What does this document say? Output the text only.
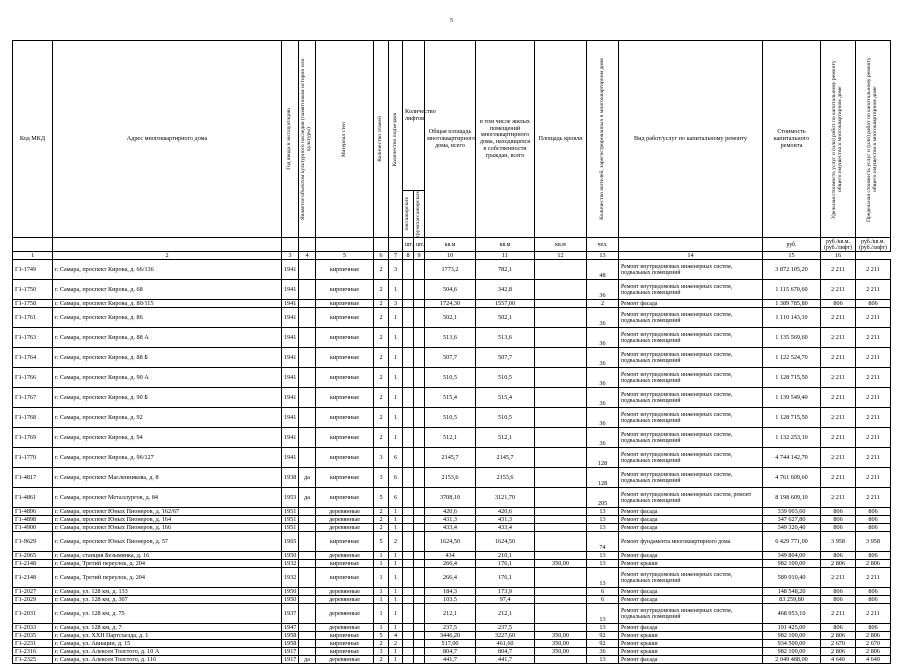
5
Код МКД	Адрес многоквартирного дома	Год ввода в эксплуатацию	Является объектом культурного наследия (памятником истории или культуры)	Материал стен	Количество этажей	Количество подъездов	Количество лифтов		Общая площадь многоквартирного дома, всего	в том числе жилых помещений многоквартирного дома, находящихся в собственности граждан, всего	Площадь кровли	Количество жителей, зарегистрированных в многоквартирном доме	Вид работ/услуг по капитальному ремонту	Стоимость капитального ремонта	Удельная стоимость услуг и (или) работ по капитальному ремонту общего имущества в многоквартирном доме	Предельная стоимость услуг и (или) работ по капитальному ремонту общего имущества в многоквартирном доме

							пассажирских	грузопассажирских								

							шт.	шт.	кв.м	кв.м	кв.м	чел.		руб.	руб./кв.м. (руб./лифт)	руб./кв.м. (руб./лифт)
1	2	3	4	5	6	7	8	9	10	11	12	13	14	15	16	
Г1-1749	г. Самара, проспект Кирова, д. 66/136	1941		кирпичные	2	3			1773,2	782,1		48	Ремонт внутридомовых инженерных систем, подвальных помещений	3 872 105,20	2 211	2 211
Г1-1750	г. Самара, проспект Кирова, д. 68	1941		кирпичные	2	1			504,6	342,8		36	Ремонт внутридомовых инженерных систем, подвальных помещений	1 115 670,60	2 211	2 211
Г1-1758	г. Самара, проспект Кирова, д. 80/115	1941		кирпичные	2	3			1724,30	1557,00		2	Ремонт фасада	1 389 785,80	806	806
Г1-1761	г. Самара, проспект Кирова, д. 86	1941		кирпичные	2	1			502,1	502,1		36	Ремонт внутридомовых инженерных систем, подвальных помещений	1 110 143,10	2 211	2 211
Г1-1763	г. Самара, проспект Кирова, д. 88 А	1941		кирпичные	2	1			513,6	513,6		36	Ремонт внутридомовых инженерных систем, подвальных помещений	1 135 569,60	2 211	2 211
Г1-1764	г. Самара, проспект Кирова, д. 88 Б	1941		кирпичные	2	1			507,7	507,7		36	Ремонт внутридомовых инженерных систем, подвальных помещений	1 122 524,70	2 211	2 211
Г1-1766	г. Самара, проспект Кирова, д. 90 А	1941		кирпичные	2	1			510,5	510,5		36	Ремонт внутридомовых инженерных систем, подвальных помещений	1 128 715,50	2 211	2 211
Г1-1767	г. Самара, проспект Кирова, д. 90 Б	1941		кирпичные	2	1			515,4	515,4		36	Ремонт внутридомовых инженерных систем, подвальных помещений	1 139 549,40	2 211	2 211
Г1-1768	г. Самара, проспект Кирова, д. 92	1941		кирпичные	2	1			510,5	510,5		36	Ремонт внутридомовых инженерных систем, подвальных помещений	1 128 715,50	2 211	2 211
Г1-1769	г. Самара, проспект Кирова, д. 94	1941		кирпичные	2	1			512,1	512,1		36	Ремонт внутридомовых инженерных систем, подвальных помещений	1 132 253,10	2 211	2 211
Г1-1770	г. Самара, проспект Кирова, д. 96/127	1941		кирпичные	3	6			2145,7	2145,7		128	Ремонт внутридомовых инженерных систем, подвальных помещений	4 744 142,70	2 211	2 211
Г1-4817	г. Самара, проспект Масленникова, д. 8	1938	да	кирпичные	3	6			2153,6	2153,6		128	Ремонт внутридомовых инженерных систем, подвальных помещений	4 761 609,60	2 211	2 211
Г1-4861	г. Самара, проспект Металлургов, д. 84	1953	да	кирпичные	5	6			3708,10	3121,70		205	Ремонт внутридомовых инженерных систем, ремонт подвальных помещений	8 198 609,10	2 211	2 211
Г1-4896	г. Самара, проспект Юных Пионеров, д. 162/67	1951		деревянные	2	1			420,6	420,6		13	Ремонт фасада	339 003,60	806	806
Г1-4898	г. Самара, проспект Юных Пионеров, д. 164	1951		деревянные	2	1			431,3	431,3		13	Ремонт фасада	347 627,80	806	806
Г1-4900	г. Самара, проспект Юных Пионеров, д. 166	1951		деревянные	2	1			433,4	433,4		13	Ремонт фасада	349 320,40	806	806
Г1-9629	г. Самара, проспект Юных Пионеров, д. 57	1965		кирпичные	5	2			1624,50	1624,50		74	Ремонт фундамента многоквартирного дома	6 429 771,00	3 958	3 958
Г1-2065	г. Самара, станция Безымянка, д. 16	1950		деревянные	1	1			434	210,1		13	Ремонт фасада	349 804,00	806	806
Г1-2148	г. Самара, Третий переулок, д. 204	1932		кирпичные	1	1			266,4	176,1	350,00	13	Ремонт крыши	982 100,00	2 806	2 806
Г1-2148	г. Самара, Третий переулок, д. 204	1932		кирпичные	1	1			266,4	176,1		13	Ремонт внутридомовых инженерных систем, подвальных помещений	589 010,40	2 211	2 211
Г1-2027	г. Самара, ул. 128 км, д. 133	1950		деревянные	1	1			184,3	173,9		6	Ремонт фасада	148 548,20	806	806
Г1-2029	г. Самара, ул. 128 км, д. 307	1950		деревянные	1	1			103,5	97,4		6	Ремонт фасада	83 259,80	806	806
Г1-2031	г. Самара, ул. 128 км, д. 75	1937		деревянные	1	1			212,1	212,1		13	Ремонт внутридомовых инженерных систем, подвальных помещений	468 953,10	2 211	2 211
Г1-2033	г. Самара, ул. 128 км, д. 7	1947		деревянные	1	1			237,5	237,5		13	Ремонт фасада	191 425,00	806	806
Г1-2035	г. Самара, ул. XXII Партсъезда, д. 1	1958		кирпичные	5	4			3446,20	3227,60	350,00	92	Ремонт крыши	982 100,00	2 806	2 806
Г1-2231	г. Самара, ул. Авиации, д. 15	1958		кирпичные	2	2			517,00	461,60	350,00	92	Ремонт крыши	934 500,00	2 670	2 670
Г1-2316	г. Самара, ул. Алексея Толстого, д. 10 А	1917		кирпичные	3	1			804,7	804,7	350,00	36	Ремонт крыши	982 100,00	2 806	2 806
Г1-2325	г. Самара, ул. Алексея Толстого, д. 116	1917	да	деревянные	2	1			441,7	441,7		13	Ремонт фасада	2 049 488,00	4 640	4 640
